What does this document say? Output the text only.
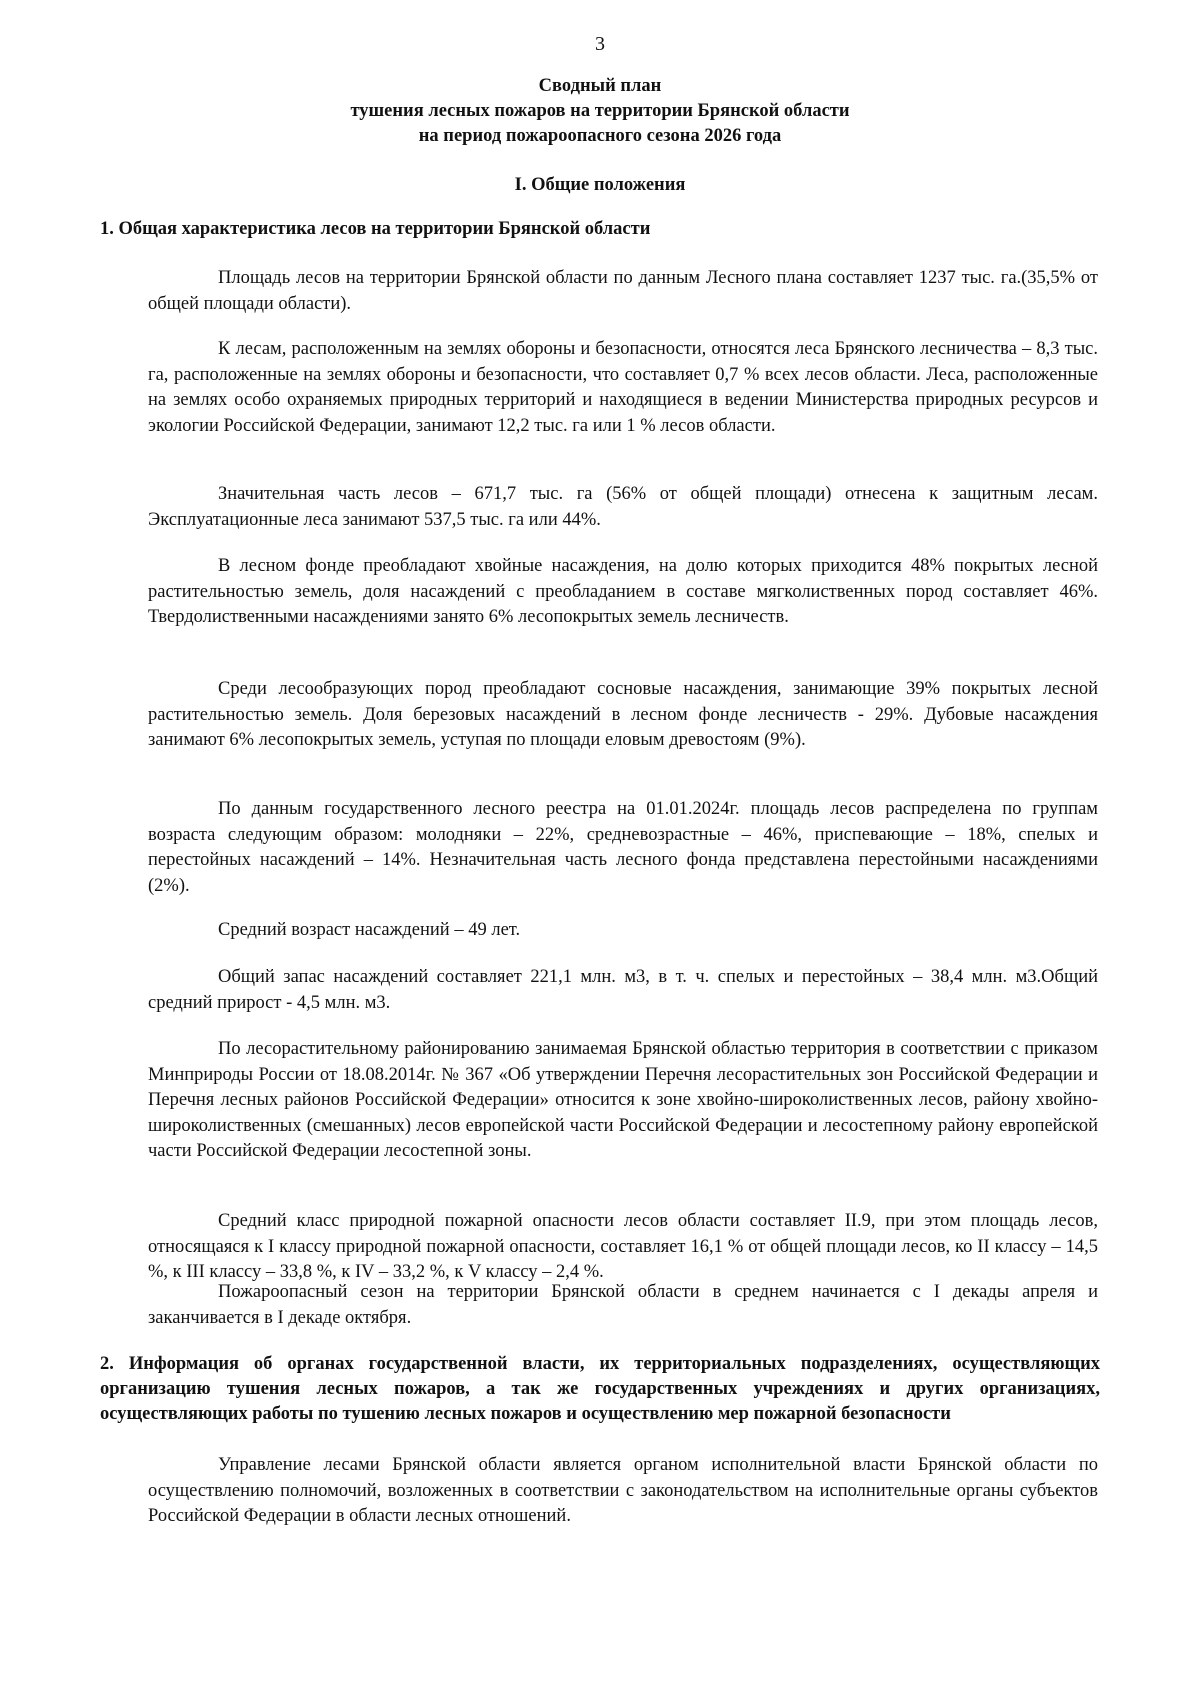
3
Сводный план
тушения лесных пожаров на территории Брянской области
на период пожароопасного сезона 2026 года
I. Общие положения
1. Общая характеристика лесов на территории Брянской области

Площадь лесов на территории Брянской области по данным Лесного плана составляет 1237 тыс. га.(35,5% от общей площади области).

К лесам, расположенным на землях обороны и безопасности, относятся леса Брянского лесничества – 8,3 тыс. га, расположенные на землях обороны и безопасности, что составляет 0,7 % всех лесов области. Леса, расположенные на землях особо охраняемых природных территорий и находящиеся в ведении Министерства природных ресурсов и экологии Российской Федерации, занимают 12,2 тыс. га или 1 % лесов области.

Значительная часть лесов – 671,7 тыс. га (56% от общей площади) отнесена к защитным лесам. Эксплуатационные леса занимают 537,5 тыс. га или 44%.

В лесном фонде преобладают хвойные насаждения, на долю которых приходится 48% покрытых лесной растительностью земель, доля насаждений с преобладанием в составе мягколиственных пород составляет 46%. Твердолиственными насаждениями занято 6% лесопокрытых земель лесничеств.

Среди лесообразующих пород преобладают сосновые насаждения, занимающие 39% покрытых лесной растительностью земель. Доля березовых насаждений в лесном фонде лесничеств - 29%. Дубовые насаждения занимают 6% лесопокрытых земель, уступая по площади еловым древостоям (9%).

По данным государственного лесного реестра на 01.01.2024г. площадь лесов распределена по группам возраста следующим образом: молодняки – 22%, средневозрастные – 46%, приспевающие – 18%, спелых и перестойных насаждений – 14%. Незначительная часть лесного фонда представлена перестойными насаждениями (2%).

Средний возраст насаждений – 49 лет.

Общий запас насаждений составляет 221,1 млн. м3, в т. ч. спелых и перестойных – 38,4 млн. м3.Общий средний прирост - 4,5 млн. м3.

По лесорастительному районированию занимаемая Брянской областью территория в соответствии с приказом Минприроды России от 18.08.2014г. № 367 «Об утверждении Перечня лесорастительных зон Российской Федерации и Перечня лесных районов Российской Федерации» относится к зоне хвойно-широколиственных лесов, району хвойно-широколиственных (смешанных) лесов европейской части Российской Федерации и лесостепному району европейской части Российской Федерации лесостепной зоны.

Средний класс природной пожарной опасности лесов области составляет II.9, при этом площадь лесов, относящаяся к I классу природной пожарной опасности, составляет 16,1 % от общей площади лесов, ко II классу – 14,5 %, к III классу – 33,8 %, к IV – 33,2 %, к V классу – 2,4 %.

Пожароопасный сезон на территории Брянской области в среднем начинается с I декады апреля и заканчивается в I декаде октября.

2. Информация об органах государственной власти, их территориальных подразделениях, осуществляющих организацию тушения лесных пожаров, а так же государственных учреждениях и других организациях, осуществляющих работы по тушению лесных пожаров и осуществлению мер пожарной безопасности

Управление лесами Брянской области является органом исполнительной власти Брянской области по осуществлению полномочий, возложенных в соответствии с законодательством на исполнительные органы субъектов Российской Федерации в области лесных отношений.
